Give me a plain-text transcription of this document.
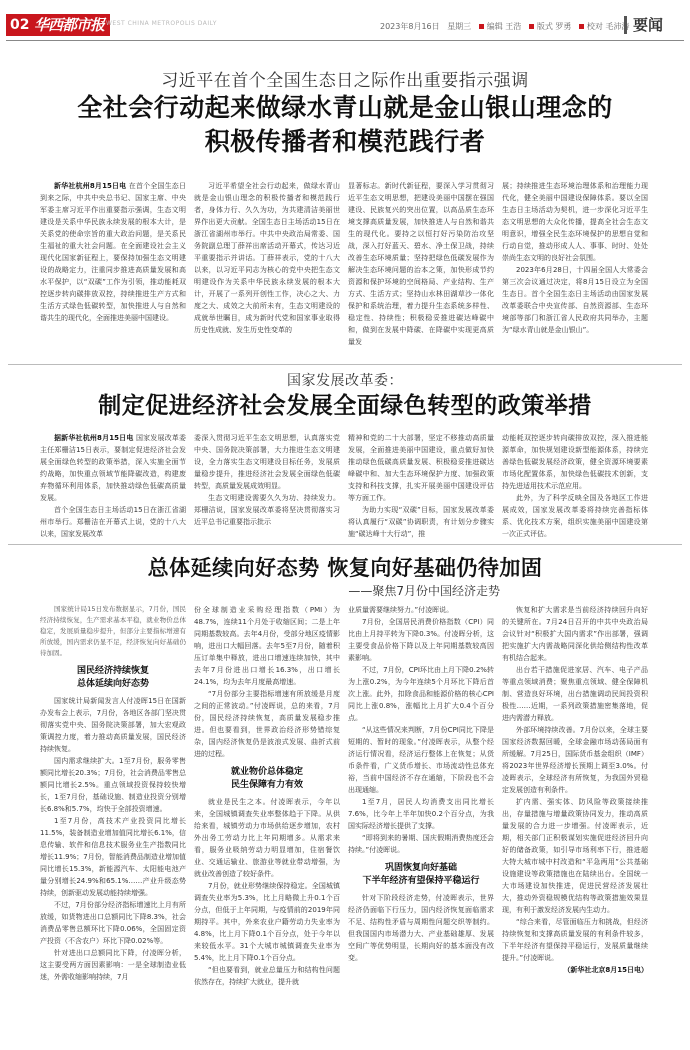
02 华西都市报 WEST CHINA METROPOLIS DAILY	2023年8月16日 星期三 编辑 王浩 版式 罗勇 校对 毛沛涛 要闻
习近平在首个全国生态日之际作出重要指示强调
全社会行动起来做绿水青山就是金山银山理念的
积极传播者和模范践行者

新华社杭州8月15日电 在首个全国生态日到来之际，中共中央总书记、国家主席、中央军委主席习近平作出重要指示强调，生态文明建设是关系中华民族永续发展的根本大计，是关系党的使命宗旨的重大政治问题，是关系民生福祉的重大社会问题。在全面建设社会主义现代化国家新征程上，要保持加强生态文明建设的战略定力，注重同步推进高质量发展和高水平保护，以“双碳”工作为引领，推动能耗双控逐步转向碳排放双控，持续推进生产方式和生活方式绿色低碳转型，加快推进人与自然和谐共生的现代化，全面推进美丽中国建设。

习近平希望全社会行动起来，做绿水青山就是金山银山理念的积极传播者和模范践行者，身体力行、久久为功，为共建清洁美丽世界作出更大贡献。全国生态日主场活动15日在浙江省湖州市举行。中共中央政治局常委、国务院副总理丁薛祥出席活动开幕式，传达习近平重要指示并讲话。丁薛祥表示，党的十八大以来，以习近平同志为核心的党中央把生态文明建设作为关系中华民族永续发展的根本大计，开展了一系列开创性工作，决心之大、力度之大、成效之大前所未有，生态文明建设的成就举世瞩目，成为新时代党和国家事业取得历史性成就、发生历史性变革的

显著标志。新时代新征程，要深入学习贯彻习近平生态文明思想，把建设美丽中国摆在强国建设、民族复兴的突出位置，以高品质生态环境支撑高质量发展，加快推进人与自然和谐共生的现代化。要持之以恒打好污染防治攻坚战，深入打好蓝天、碧水、净土保卫战，持续改善生态环境质量；坚持把绿色低碳发展作为解决生态环境问题的治本之策，加快形成节约资源和保护环境的空间格局、产业结构、生产方式、生活方式；坚持山水林田湖草沙一体化保护和系统治理，着力提升生态系统多样性、稳定性、持续性；积极稳妥推进碳达峰碳中和，做到在发展中降碳、在降碳中实现更高质量发

展；持续推进生态环境治理体系和治理能力现代化，健全美丽中国建设保障体系。要以全国生态日主场活动为契机，进一步深化习近平生态文明思想的大众化传播，提高全社会生态文明意识，增强全民生态环境保护的思想自觉和行动自觉，推动形成人人、事事、时时、处处崇尚生态文明的良好社会氛围。

2023年6月28日，十四届全国人大常委会第三次会议通过决定，将8月15日设立为全国生态日。首个全国生态日主场活动由国家发展改革委联合中央宣传部、自然资源部、生态环境部等部门和浙江省人民政府共同举办，主题为“绿水青山就是金山银山”。

国家发展改革委：
制定促进经济社会发展全面绿色转型的政策举措

据新华社杭州8月15日电 国家发展改革委主任郑栅洁15日表示，要制定促进经济社会发展全面绿色转型的政策举措，深入实施全面节约战略，加快重点领域节能降碳改造，构建废弃物循环利用体系，加快推动绿色低碳高质量发展。

首个全国生态日主场活动15日在浙江省湖州市举行。郑栅洁在开幕式上说，党的十八大以来，国家发展改革

委深入贯彻习近平生态文明思想，认真落实党中央、国务院决策部署，大力推进生态文明建设，全力落实生态文明建设目标任务，发展质量稳步提升，推进经济社会发展全面绿色低碳转型，高质量发展成效明显。

生态文明建设需要久久为功、持续发力。郑栅洁说，国家发展改革委将坚决贯彻落实习近平总书记重要指示批示

精神和党的二十大部署，坚定不移推动高质量发展，全面推进美丽中国建设，重点做好加快推动绿色低碳高质量发展、积极稳妥推进碳达峰碳中和、加大生态环境保护力度、加强政策支持和科技支撑，扎实开展美丽中国建设评估等方面工作。

为助力实现“双碳”目标，国家发展改革委将认真履行“双碳”协调职责，有计划分步骤实施“碳达峰十大行动”，推

动能耗双控逐步转向碳排放双控，深入推进能源革命，加快规划建设新型能源体系，持续完善绿色低碳发展经济政策，健全资源环境要素市场化配置体系，加快绿色低碳技术创新，支持先进适用技术示范应用。

此外，为了科学反映全国及各地区工作进展成效，国家发展改革委将持续完善指标体系、优化技术方案，组织实施美丽中国建设第一次正式评估。

总体延续向好态势 恢复向好基础仍待加固
——聚焦7月份中国经济走势

国家统计局15日发布数据显示，7月份，国民经济持续恢复，生产需求基本平稳，就业物价总体稳定，发展质量稳步提升，但部分主要指标增速有所放缓，国内需求仍显不足，经济恢复向好基础仍待加固。

国民经济持续恢复
总体延续向好态势

国家统计局新闻发言人付凌晖15日在国新办发布会上表示，7月份，各地区各部门坚决贯彻落实党中央、国务院决策部署，加大宏观政策调控力度，着力推动高质量发展，国民经济持续恢复。

国内需求继续扩大。1至7月份，服务零售额同比增长20.3%；7月份，社会消费品零售总额同比增长2.5%。重点领域投资保持较快增长，1至7月份，基础设施、制造业投资分别增长6.8%和5.7%，均快于全部投资增速。

1至7月份，高技术产业投资同比增长11.5%，装备制造业增加值同比增长6.1%，信息传输、软件和信息技术服务业生产指数同比增长11.9%；7月份，智能消费品制造业增加值同比增长15.3%，新能源汽车、太阳能电池产量分别增长24.9%和65.1%……产业升级态势持续，创新驱动发展动能持续增强。

不过，7月份部分经济指标增速比上月有所放缓，如货物进出口总额同比下降8.3%，社会消费品零售总额环比下降0.06%，全国固定资产投资（不含农户）环比下降0.02%等。

针对进出口总额同比下降，付凌晖分析，这主要受两方面因素影响：一是全球制造业低迷，外需收缩影响持续，7月

份全球制造业采购经理指数（PMI）为48.7%，连续11个月处于收缩区间；二是上年同期基数较高。去年4月份，受部分地区疫情影响，进出口大幅回落。去年5至7月份，随着积压订单集中释放，进出口增速连续加快，其中去年7月份进出口增长16.3%，出口增长24.1%，均为去年月度最高增速。

“7月份部分主要指标增速有所放缓是月度之间的正常波动。”付凌晖说，总的来看，7月份，国民经济持续恢复，高质量发展稳步推进。但也要看到，世界政治经济形势错综复杂，国内经济恢复仍是波浪式发展、曲折式前进的过程。

就业物价总体稳定
民生保障有力有效

就业是民生之本。付凌晖表示，今年以来，全国城镇调查失业率整体趋于下降。从供给来看，城镇劳动力市场供给逐步增加，农村外出务工劳动力比上年同期增多。从需求来看，服务业吸纳劳动力明显增加，住宿餐饮业、交通运输业、旅游业等就业带动增强，为就业改善创造了较好条件。

7月份，就业形势继续保持稳定。全国城镇调查失业率为5.3%，比上月略微上升0.1个百分点，但低于上年同期，与疫情前的2019年同期持平。其中，外来农业户籍劳动力失业率为4.8%，比上月下降0.1个百分点，处于今年以来较低水平。31个大城市城镇调查失业率为5.4%，比上月下降0.1个百分点。

“但也要看到，就业总量压力和结构性问题依然存在，持续扩大就业，提升就

业质量需要继续努力。”付凌晖说。

7月份，全国居民消费价格指数（CPI）同比由上月持平转为下降0.3%。付凌晖分析，这主要受食品价格下降以及上年同期基数较高因素影响。

不过，7月份，CPI环比由上月下降0.2%转为上涨0.2%，为今年连续5个月环比下降后首次上涨。此外，扣除食品和能源价格的核心CPI同比上涨0.8%，涨幅比上月扩大0.4个百分点。

“从这些情况来判断，7月份CPI同比下降是短期的、暂时的现象。”付凌晖表示，从整个经济运行情况看，经济运行整体上在恢复；从货币条件看，广义货币增长、市场流动性总体充裕，当前中国经济不存在通缩，下阶段也不会出现通缩。

1至7月，居民人均消费支出同比增长7.6%，比今年上半年加快0.2个百分点，为我国实际经济增长提供了支撑。

“即将到来的暑期、国庆假期消费热度还会持续。”付凌晖说。

巩固恢复向好基础
下半年经济有望保持平稳运行

针对下阶段经济走势，付凌晖表示，世界经济仍面临下行压力，国内经济恢复面临需求不足、结构性矛盾与周期性问题交织等制约。但我国国内市场潜力大、产业基础雄厚、发展空间广等优势明显，长期向好的基本面没有改变。

恢复和扩大需求是当前经济持续回升向好的关键所在。7月24日召开的中共中央政治局会议针对“积极扩大国内需求”作出部署，强调把实施扩大内需战略同深化供给侧结构性改革有机结合起来。

出台若干措施促进家居、汽车、电子产品等重点领域消费；聚焦重点领域、健全保障机制、营造良好环境，出台措施调动民间投资积极性……近期，一系列政策措施密集落地，促进内需潜力释放。

外部环境持续改善。7月份以来，全球主要国家经济数据回暖，全球金融市场动荡局面有所缓解。7月25日，国际货币基金组织（IMF）将2023年世界经济增长预期上调至3.0%。付凌晖表示，全球经济有所恢复，为我国外贸稳定发展创造有利条件。

扩内需、强实体、防风险等政策接续推出，存量措施与增量政策协同发力，推动高质量发展的合力进一步增强。付凌晖表示，近期，相关部门正积极谋划实施促进经济回升向好的储备政策，如引导市场利率下行，推进超大特大城市城中村改造和“平急两用”公共基础设施建设等政策措施也在陆续出台。全国统一大市场建设加快推进，促进民营经济发展壮大，推动外资稳规模优结构等政策措施效果显现，有利于激发经济发展内生动力。

“综合来看，尽管面临压力和挑战，但经济持续恢复和支撑高质量发展的有利条件较多，下半年经济有望保持平稳运行，发展质量继续提升。”付凌晖说。

（新华社北京8月15日电）
